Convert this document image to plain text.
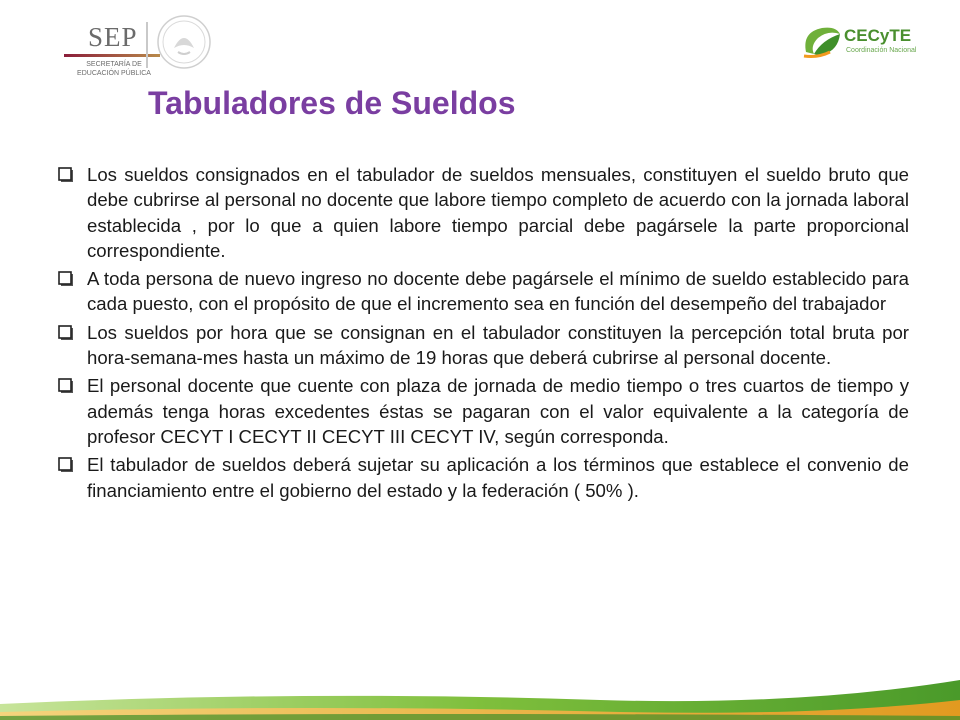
SEP
SECRETARÍA DE
EDUCACIÓN PÚBLICA
CECyTE
Coordinación Nacional
Tabuladores de Sueldos
Los sueldos consignados en el tabulador de sueldos mensuales, constituyen el sueldo bruto que debe cubrirse al personal no docente que labore tiempo completo de acuerdo con la jornada laboral establecida , por lo que a quien labore tiempo parcial debe pagársele la parte proporcional correspondiente.
A toda persona de nuevo ingreso no docente debe pagársele el mínimo de sueldo establecido para cada puesto, con el propósito de que el incremento sea en función del desempeño del trabajador
Los sueldos por hora que se consignan en el tabulador constituyen la percepción total bruta por hora-semana-mes hasta un máximo de 19 horas que deberá cubrirse al personal docente.
El personal docente que cuente con plaza de jornada de medio tiempo o tres cuartos de tiempo y además tenga horas excedentes éstas se pagaran con el valor equivalente a la categoría de profesor CECYT I CECYT II CECYT III CECYT IV, según corresponda.
El tabulador de sueldos deberá sujetar su aplicación a los términos que establece el convenio de financiamiento entre el gobierno del estado y la federación ( 50% ).
